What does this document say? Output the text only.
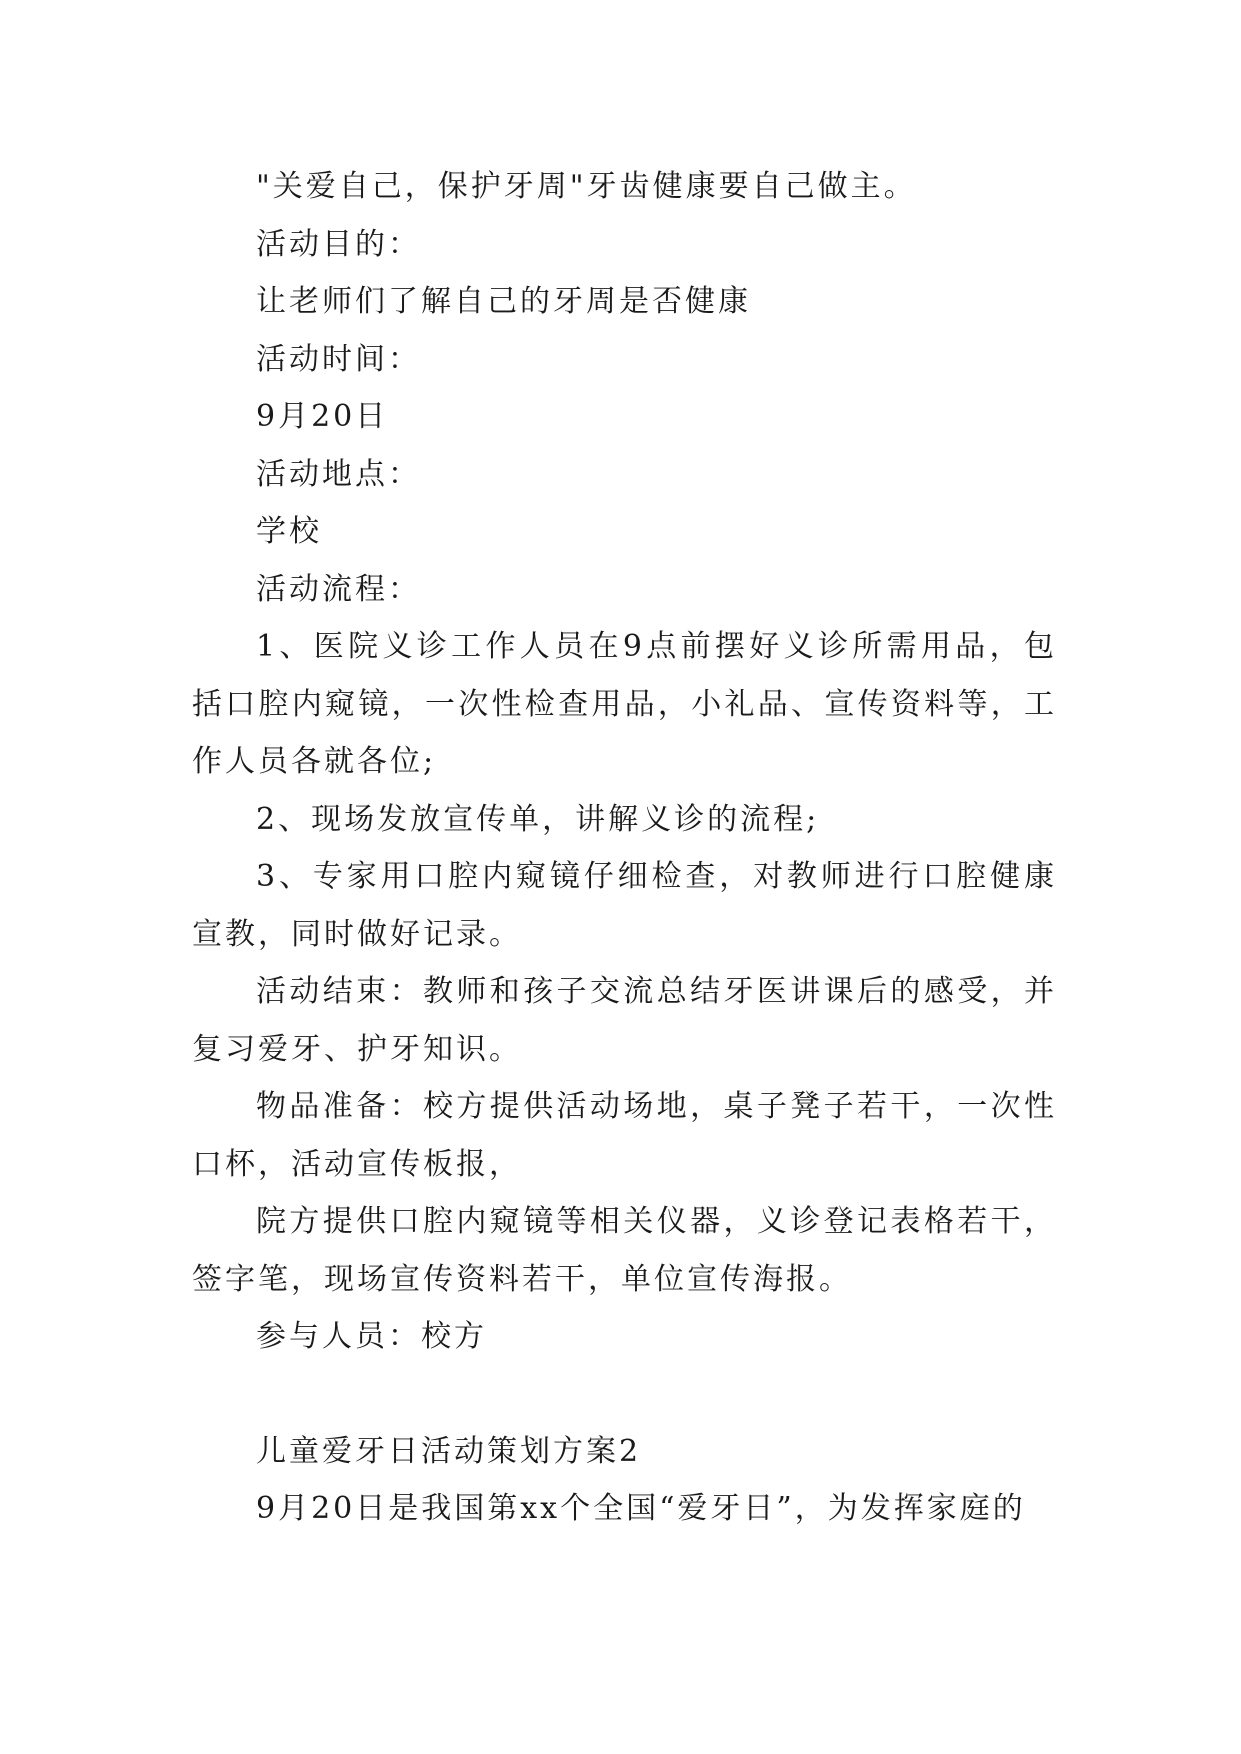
"关爱自己，保护牙周"牙齿健康要自己做主。

活动目的：

让老师们了解自己的牙周是否健康

活动时间：

9月20日

活动地点：

学校

活动流程：

1、医院义诊工作人员在9点前摆好义诊所需用品，包括口腔内窥镜，一次性检查用品，小礼品、宣传资料等，工作人员各就各位;

2、现场发放宣传单，讲解义诊的流程;

3、专家用口腔内窥镜仔细检查，对教师进行口腔健康宣教，同时做好记录。

活动结束：教师和孩子交流总结牙医讲课后的感受，并复习爱牙、护牙知识。

物品准备：校方提供活动场地，桌子凳子若干，一次性口杯，活动宣传板报，

院方提供口腔内窥镜等相关仪器，义诊登记表格若干，签字笔，现场宣传资料若干，单位宣传海报。

参与人员：校方

儿童爱牙日活动策划方案2

9月20日是我国第xx个全国“爱牙日”，为发挥家庭的
